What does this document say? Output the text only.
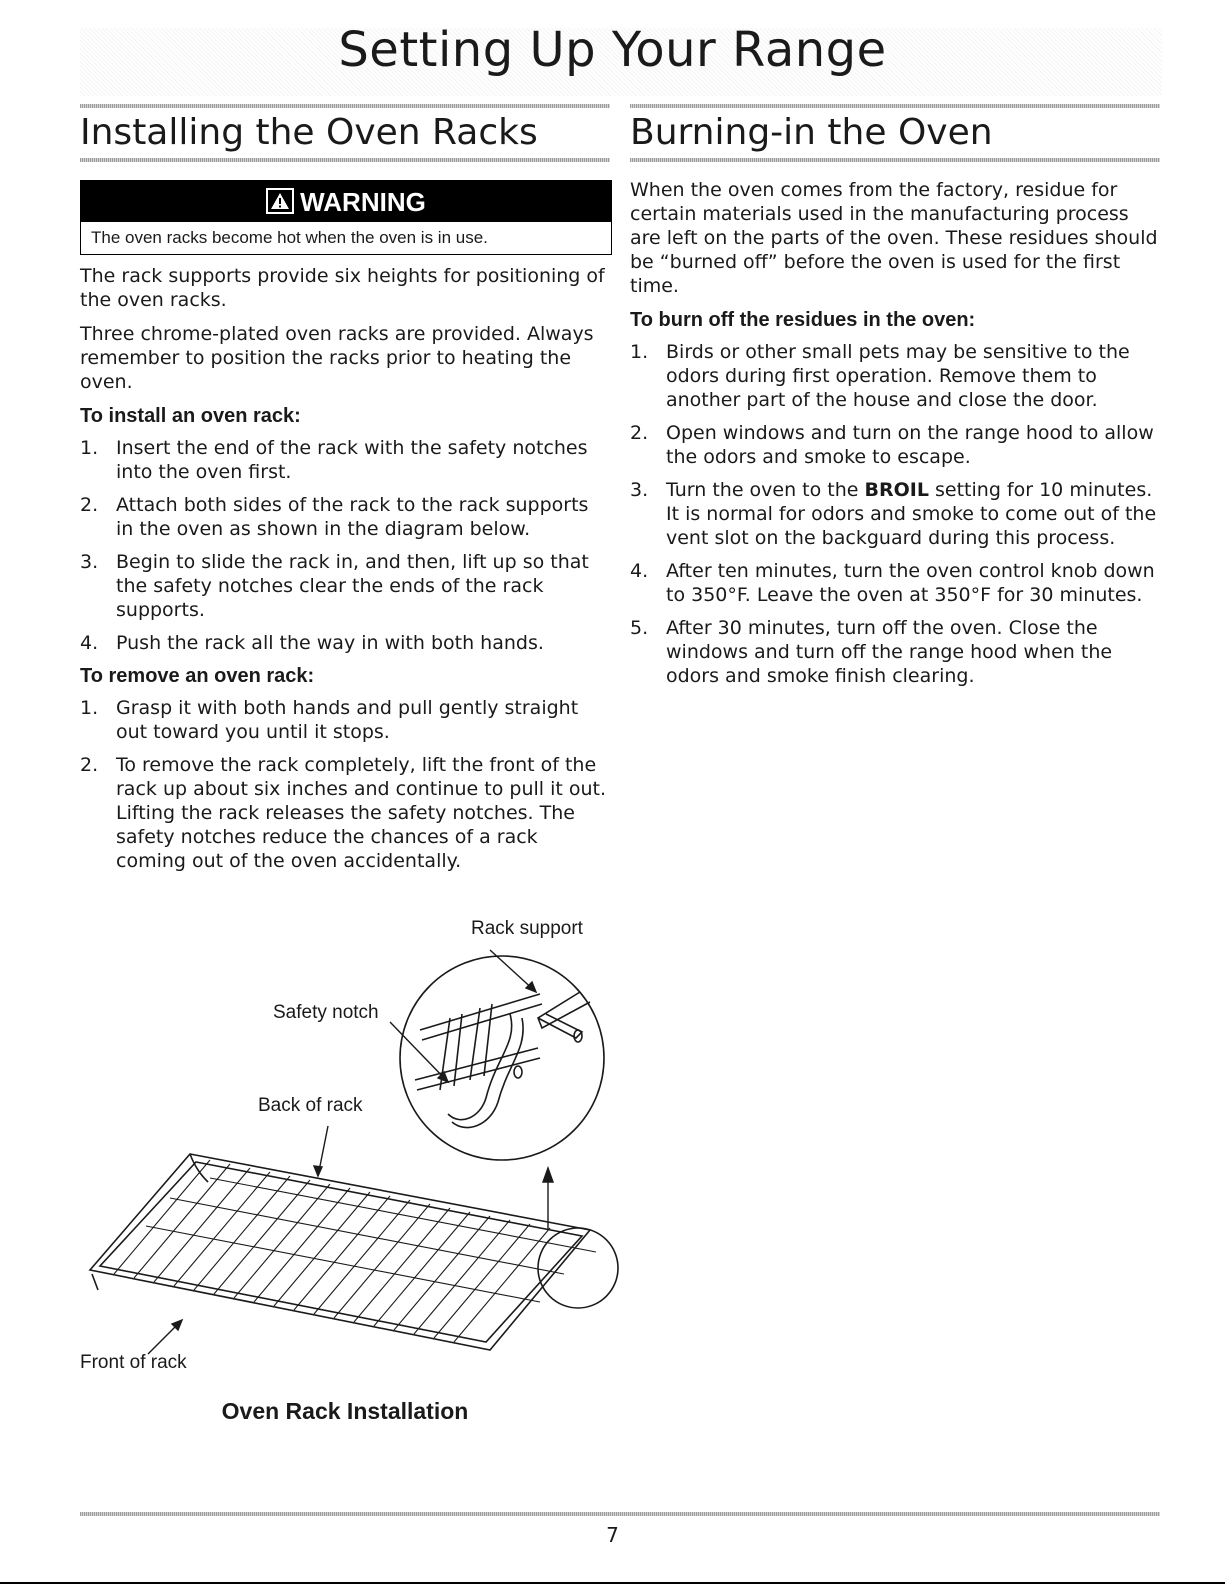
Setting Up Your Range
Installing the Oven Racks
WARNING
The oven racks become hot when the oven is in use.

The rack supports provide six heights for positioning of the oven racks.

Three chrome-plated oven racks are provided. Always remember to position the racks prior to heating the oven.

To install an oven rack:
1. Insert the end of the rack with the safety notches into the oven first.
2. Attach both sides of the rack to the rack supports in the oven as shown in the diagram below.
3. Begin to slide the rack in, and then, lift up so that the safety notches clear the ends of the rack supports.
4. Push the rack all the way in with both hands.
To remove an oven rack:
1. Grasp it with both hands and pull gently straight out toward you until it stops.
2. To remove the rack completely, lift the front of the rack up about six inches and continue to pull it out. Lifting the rack releases the safety notches. The safety notches reduce the chances of a rack coming out of the oven accidentally.
Rack support
Safety notch
Back of rack
Front of rack
Oven Rack Installation
Burning-in the Oven

When the oven comes from the factory, residue for certain materials used in the manufacturing process are left on the parts of the oven. These residues should be “burned off” before the oven is used for the first time.

To burn off the residues in the oven:
1. Birds or other small pets may be sensitive to the odors during first operation. Remove them to another part of the house and close the door.
2. Open windows and turn on the range hood to allow the odors and smoke to escape.
3. Turn the oven to the BROIL setting for 10 minutes. It is normal for odors and smoke to come out of the vent slot on the backguard during this process.
4. After ten minutes, turn the oven control knob down to 350°F. Leave the oven at 350°F for 30 minutes.
5. After 30 minutes, turn off the oven. Close the windows and turn off the range hood when the odors and smoke finish clearing.
7
